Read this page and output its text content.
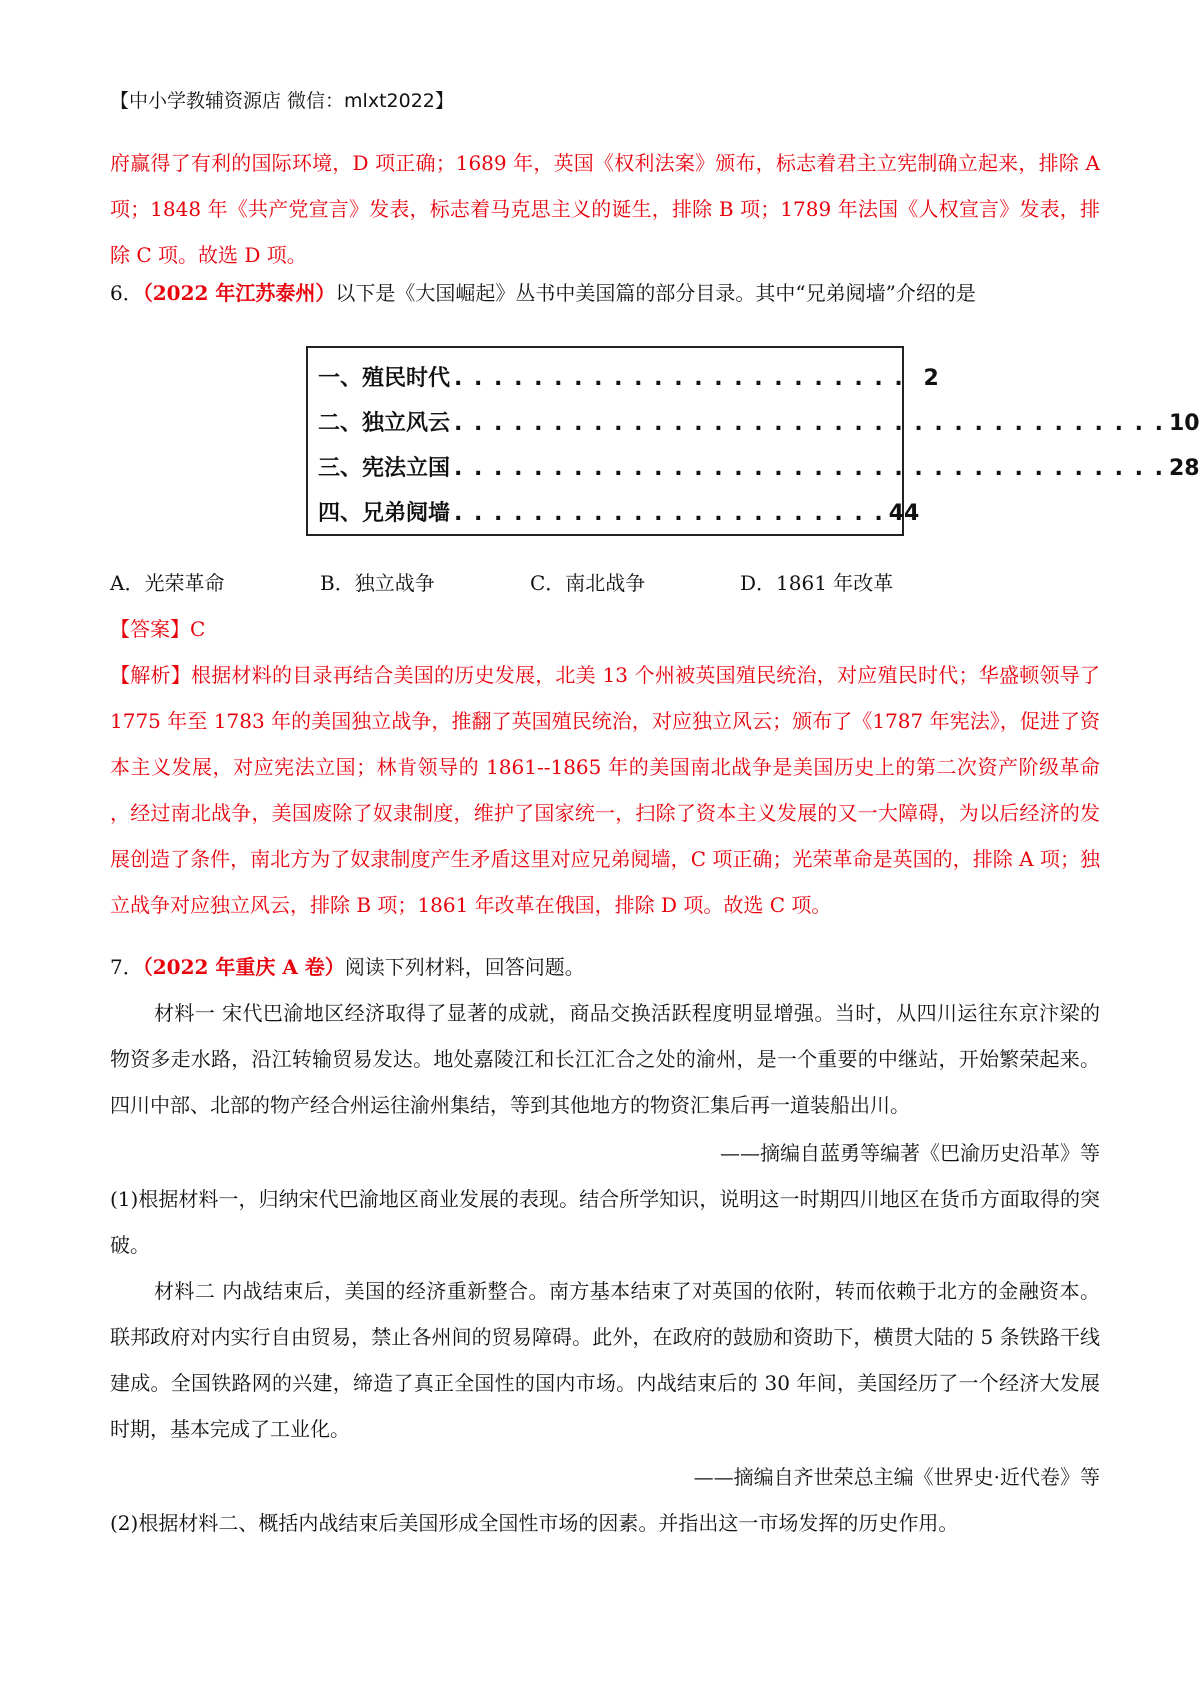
【中小学教辅资源店 微信：mlxt2022】
府赢得了有利的国际环境，D 项正确；1689 年，英国《权利法案》颁布，标志着君主立宪制确立起来，排除 A 项；1848 年《共产党宣言》发表，标志着马克思主义的诞生，排除 B 项；1789 年法国《人权宣言》发表，排除 C 项。故选 D 项。
6．（2022 年江苏泰州）以下是《大国崛起》丛书中美国篇的部分目录。其中“兄弟阋墙”介绍的是
一、殖民时代 . . . . . . . . . . . . . . . . . . . . . . . 2
二、独立风云 . . . . . . . . . . . . . . . . . . . . . . . . . . . . . . . . . . . . 10
三、宪法立国 . . . . . . . . . . . . . . . . . . . . . . . . . . . . . . . . . . . . 28
四、兄弟阋墙 . . . . . . . . . . . . . . . . . . . . . . 44
A．光荣革命	B．独立战争	C．南北战争	D．1861 年改革
【答案】C
【解析】根据材料的目录再结合美国的历史发展，北美 13 个州被英国殖民统治，对应殖民时代；华盛顿领导了 1775 年至 1783 年的美国独立战争，推翻了英国殖民统治，对应独立风云；颁布了《1787 年宪法》，促进了资本主义发展，对应宪法立国；林肯领导的 1861--1865 年的美国南北战争是美国历史上的第二次资产阶级革命 ，经过南北战争，美国废除了奴隶制度，维护了国家统一，扫除了资本主义发展的又一大障碍，为以后经济的发展创造了条件，南北方为了奴隶制度产生矛盾这里对应兄弟阋墙，C 项正确；光荣革命是英国的，排除 A 项；独立战争对应独立风云，排除 B 项；1861 年改革在俄国，排除 D 项。故选 C 项。
7．（2022 年重庆 A 卷）阅读下列材料，回答问题。
材料一 宋代巴渝地区经济取得了显著的成就，商品交换活跃程度明显增强。当时，从四川运往东京汴梁的物资多走水路，沿江转输贸易发达。地处嘉陵江和长江汇合之处的渝州，是一个重要的中继站，开始繁荣起来。四川中部、北部的物产经合州运往渝州集结，等到其他地方的物资汇集后再一道装船出川。
——摘编自蓝勇等编著《巴渝历史沿革》等
(1)根据材料一，归纳宋代巴渝地区商业发展的表现。结合所学知识，说明这一时期四川地区在货币方面取得的突破。
材料二 内战结束后，美国的经济重新整合。南方基本结束了对英国的依附，转而依赖于北方的金融资本。联邦政府对内实行自由贸易，禁止各州间的贸易障碍。此外，在政府的鼓励和资助下，横贯大陆的 5 条铁路干线建成。全国铁路网的兴建，缔造了真正全国性的国内市场。内战结束后的 30 年间，美国经历了一个经济大发展时期，基本完成了工业化。
——摘编自齐世荣总主编《世界史·近代卷》等
(2)根据材料二、概括内战结束后美国形成全国性市场的因素。并指出这一市场发挥的历史作用。
